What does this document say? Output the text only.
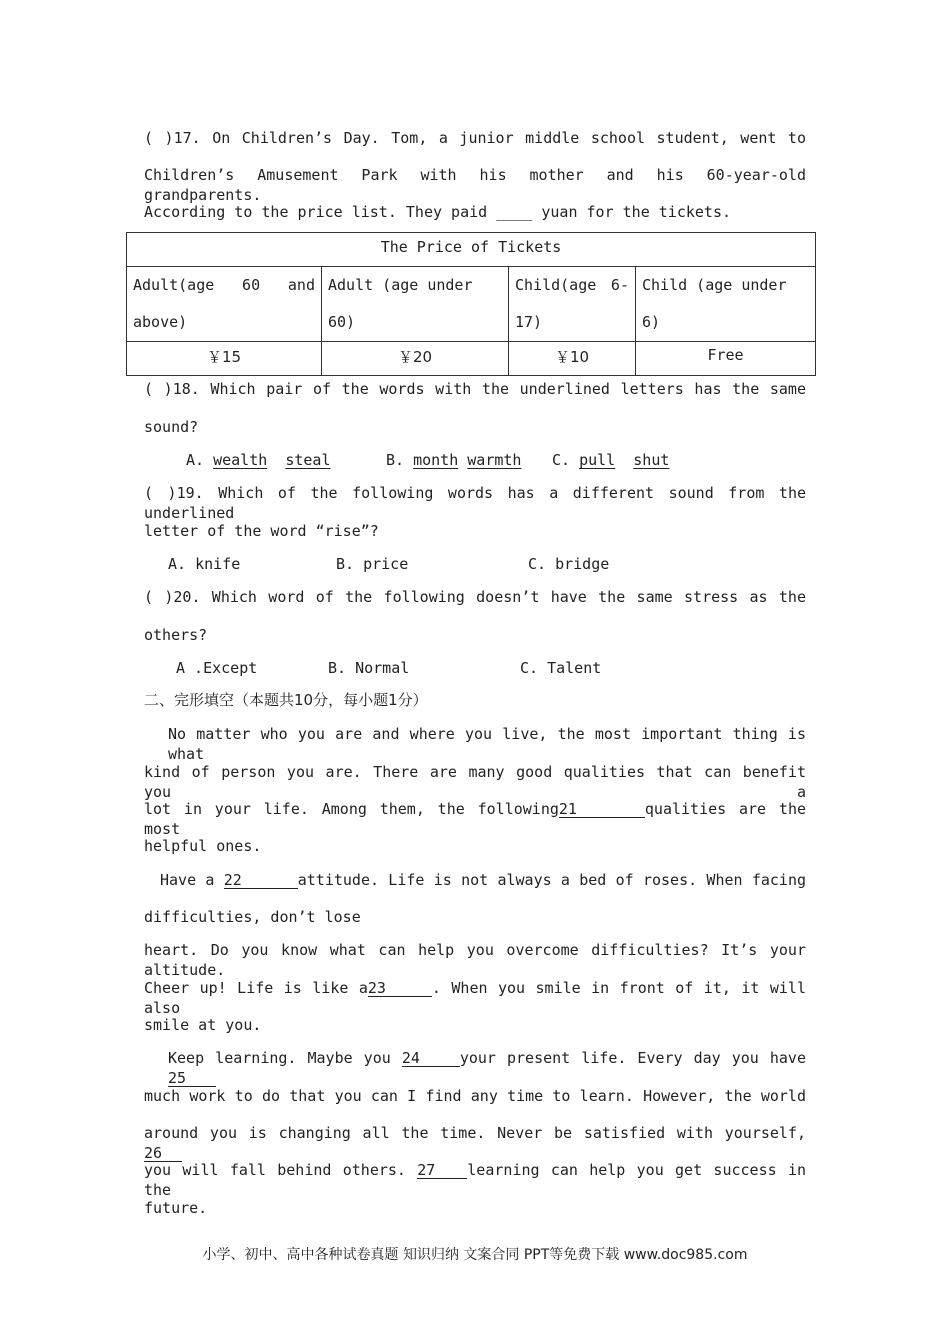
( )17. On Children’s Day. Tom, a junior middle school student, went to
Children’s Amusement Park with his mother and his 60-year-old grandparents.
According to the price list. They paid ____ yuan for the tickets.
The Price of Tickets			
Adult(age 60 and above)	Adult (age under 60)	Child(age 6-17)	Child (age under 6)
￥15	￥20	￥10	Free
( )18. Which pair of the words with the underlined letters has the same
sound?
A. wealth steal	B. month warmth C. pull shut
( )19. Which of the following words has a different sound from the underlined
letter of the word “rise”?
A. knife	B. price	C. bridge
( )20. Which word of the following doesn’t have the same stress as the
others?
A .Except	B. Normal	C. Talent
二、完形填空（本题共10分，每小题1分）
No matter who you are and where you live, the most important thing is what
kind of person you are. There are many good qualities that can benefit you a
lot in your life. Among them, the following21	qualities are the most
helpful ones.
Have a 22	attitude. Life is not always a bed of roses. When facing
difficulties, don’t lose
heart. Do you know what can help you overcome difficulties? It’s your altitude.
Cheer up! Life is like a23	. When you smile in front of it, it will also
smile at you.
Keep learning. Maybe you 24	your present life. Every day you have 25
much work to do that you can I find any time to learn. However, the world
around you is changing all the time. Never be satisfied with yourself, 26
you will fall behind others. 27 learning can help you get success in the
future.
小学、初中、高中各种试卷真题 知识归纳 文案合同 PPT等免费下载 www.doc985.com
